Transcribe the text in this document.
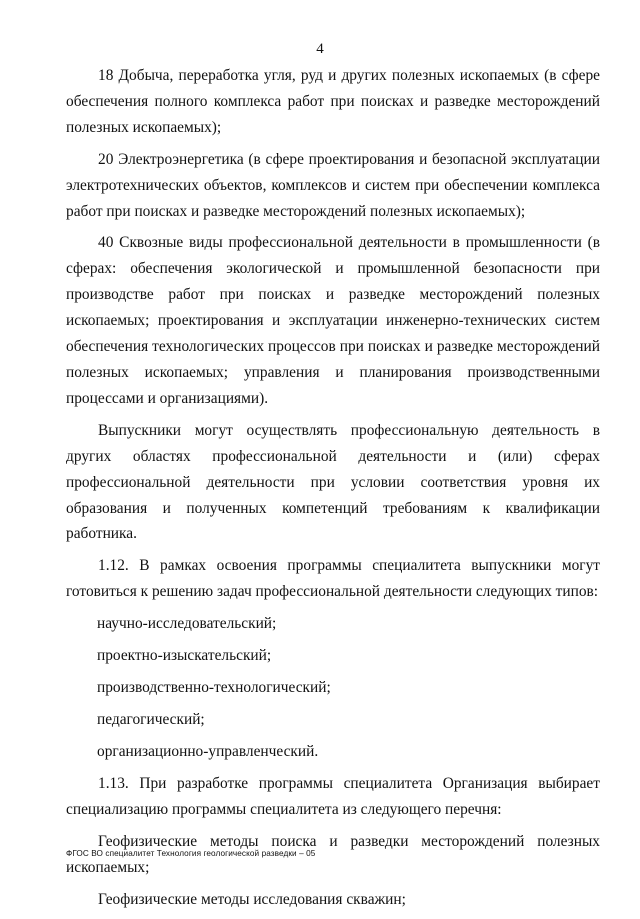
4

18 Добыча, переработка угля, руд и других полезных ископаемых (в сфере обеспечения полного комплекса работ при поисках и разведке месторождений полезных ископаемых);

20 Электроэнергетика (в сфере проектирования и безопасной эксплуатации электротехнических объектов, комплексов и систем при обеспечении комплекса работ при поисках и разведке месторождений полезных ископаемых);

40 Сквозные виды профессиональной деятельности в промышленности (в сферах: обеспечения экологической и промышленной безопасности при производстве работ при поисках и разведке месторождений полезных ископаемых; проектирования и эксплуатации инженерно-технических систем обеспечения технологических процессов при поисках и разведке месторождений полезных ископаемых; управления и планирования производственными процессами и организациями).

Выпускники могут осуществлять профессиональную деятельность в других областях профессиональной деятельности и (или) сферах профессиональной деятельности при условии соответствия уровня их образования и полученных компетенций требованиям к квалификации работника.

1.12. В рамках освоения программы специалитета выпускники могут готовиться к решению задач профессиональной деятельности следующих типов:

научно-исследовательский;
проектно-изыскательский;
производственно-технологический;
педагогический;
организационно-управленческий.

1.13. При разработке программы специалитета Организация выбирает специализацию программы специалитета из следующего перечня:

Геофизические методы поиска и разведки месторождений полезных ископаемых;

Геофизические методы исследования скважин;

ФГОС ВО специалитет Технология геологической разведки – 05
